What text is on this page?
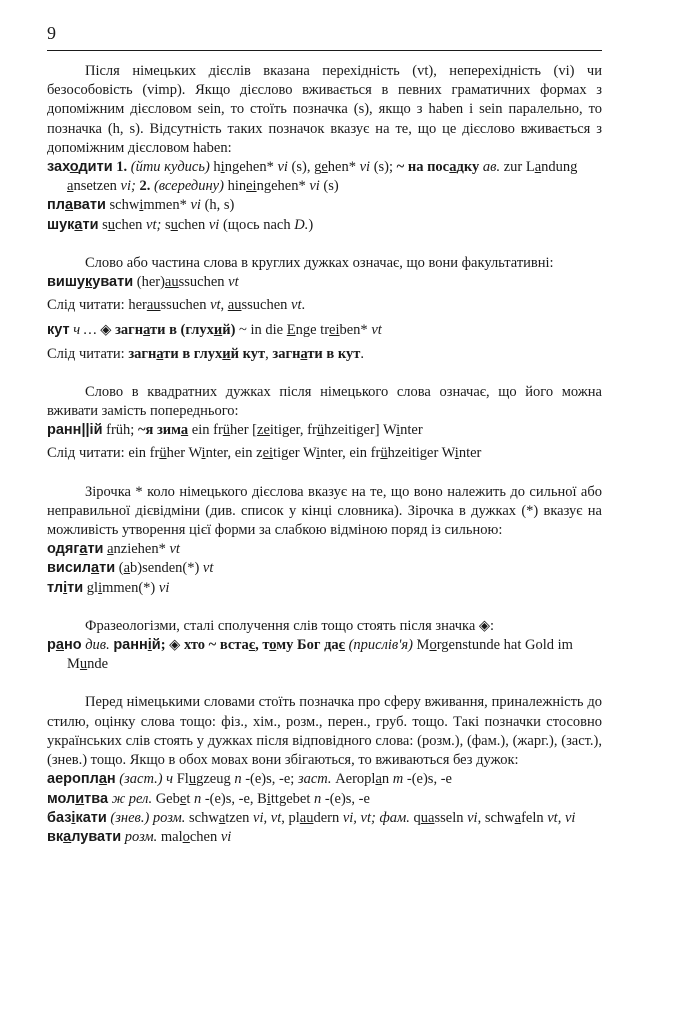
9

Після німецьких дієслів вказана перехідність (vt), неперехідність (vi) чи безособовість (vimp). Якщо дієслово вживається в певних граматичних формах з допоміжним дієсловом sein, то стоїть позначка (s), якщо з haben і sein паралельно, то позначка (h, s). Відсутність таких позначок вказує на те, що це дієслово вживається з допоміжним дієсловом haben:

заходити 1. (йти кудись) hingehen* vi (s), gehen* vi (s); ~ на посадку ав. zur Landung ansetzen vi; 2. (всередину) hineingehen* vi (s)

плавати schwimmen* vi (h, s)

шукати suchen vt; suchen vi (щось nach D.)

Слово або частина слова в круглих дужках означає, що вони факультативні:

вишукувати (her)aussuchen vt

Слід читати: heraussuchen vt, aussuchen vt.

кут ч … ◈ загнати в (глухий) ~ in die Enge treiben* vt

Слід читати: загнати в глухий кут, загнати в кут.

Слово в квадратних дужках після німецького слова означає, що його можна вживати замість попереднього:

ранн||ій früh; ~я зима ein früher [zeitiger, frühzeitiger] Winter

Слід читати: ein früher Winter, ein zeitiger Winter, ein frühzeitiger Winter

Зірочка * коло німецького дієслова вказує на те, що воно належить до сильної або неправильної дієвідміни (див. список у кінці словника). Зірочка в дужках (*) вказує на можливість утворення цієї форми за слабкою відміною поряд із сильною:

одягати anziehen* vt

висилати (ab)senden(*) vt

тліти glimmen(*) vi

Фразеологізми, сталі сполучення слів тощо стоять після значка ◈:

рано див. ранній; ◈ хто ~ встає, тому Бог дає (прислів'я) Morgenstunde hat Gold im Munde

Перед німецькими словами стоїть позначка про сферу вживання, приналежність до стилю, оцінку слова тощо: фіз., хім., розм., перен., груб. тощо. Такі позначки стосовно українських слів стоять у дужках після відповідного слова: (розм.), (фам.), (жарг.), (заст.), (знев.) тощо. Якщо в обох мовах вони збігаються, то вживаються без дужок:

аероплан (заст.) ч Flugzeug n -(e)s, -e; заст. Aeroplan m -(e)s, -e

молитва ж рел. Gebet n -(e)s, -e, Bittgebet n -(e)s, -e

базікати (знев.) розм. schwatzen vi, vt, plaudern vi, vt; фам. quasseln vi, schwafeln vt, vi

вкалувати розм. malochen vi
